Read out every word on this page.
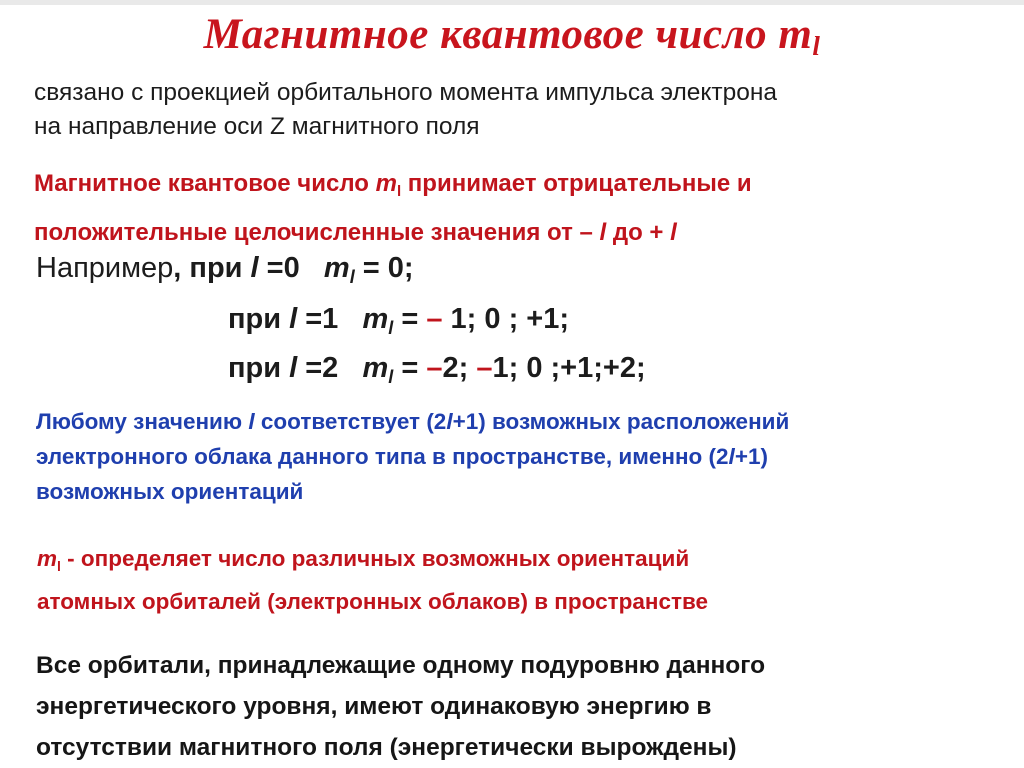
Магнитное квантовое число $m_l$
связано с проекцией орбитального момента импульса электрона
на направление оси Z магнитного поля
Магнитное квантовое число $m_l$ принимает отрицательные и
положительные целочисленные значения от – l до + l
Например, при l =0 $m_l = 0$;
при l =1 $m_l$ = – 1; 0 ; +1;
при l =2 $m_l = -2$; –1; 0 ;+1;+2;
Любому значению l соответствует (2l+1) возможных расположений
электронного облака данного типа в пространстве, именно (2l+1)
возможных ориентаций
$m_l$ - определяет число различных возможных ориентаций
атомных орбиталей (электронных облаков) в пространстве
Все орбитали, принадлежащие одному подуровню данного
энергетического уровня, имеют одинаковую энергию в
отсутствии магнитного поля (энергетически вырождены)
